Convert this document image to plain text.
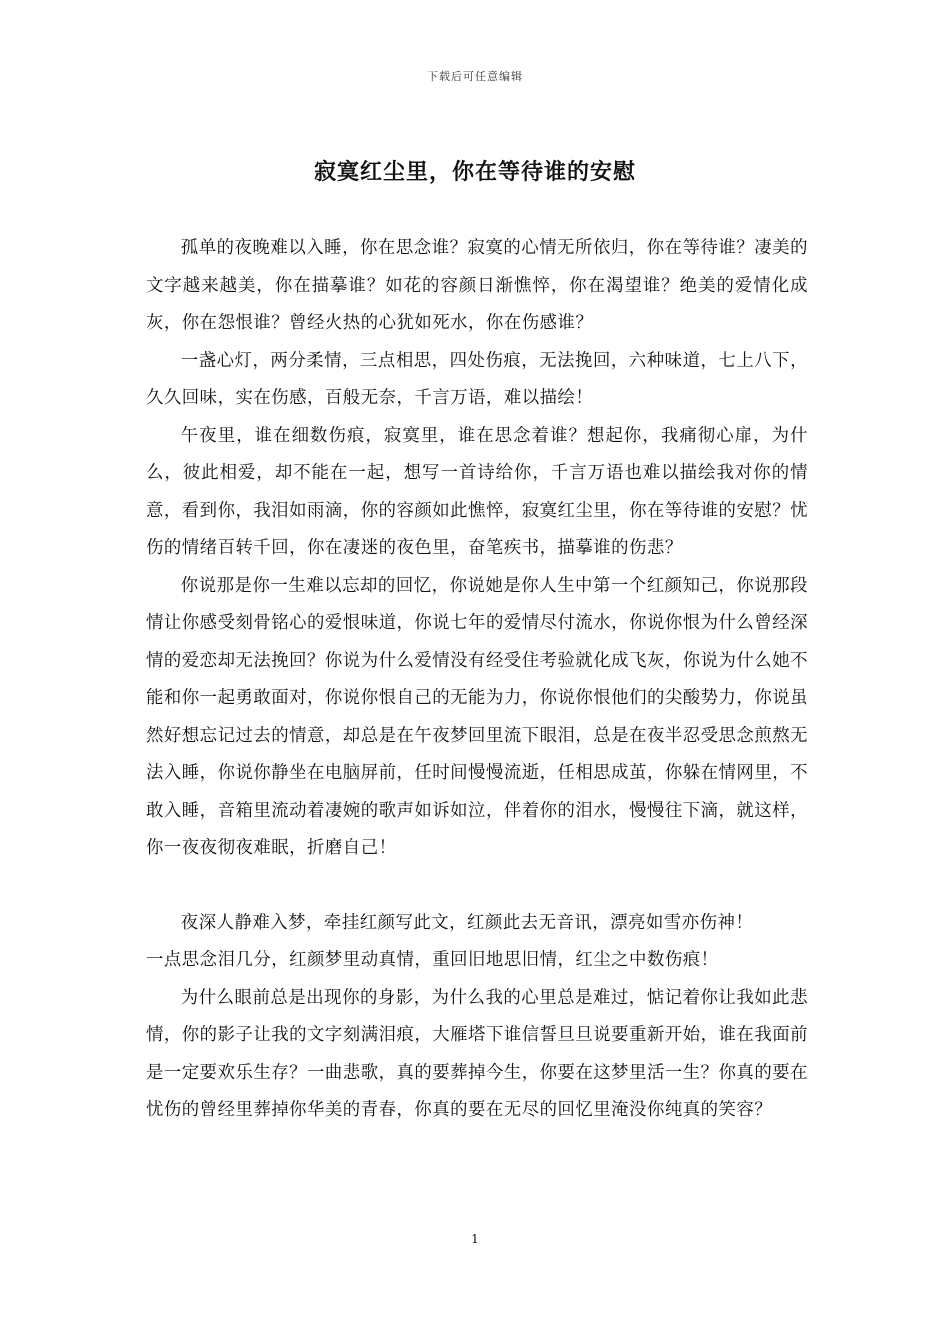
下载后可任意编辑
寂寞红尘里，你在等待谁的安慰

孤单的夜晚难以入睡，你在思念谁？寂寞的心情无所依归，你在等待谁？凄美的文字越来越美，你在描摹谁？如花的容颜日渐憔悴，你在渴望谁？绝美的爱情化成灰，你在怨恨谁？曾经火热的心犹如死水，你在伤感谁？

一盏心灯，两分柔情，三点相思，四处伤痕，无法挽回，六种味道，七上八下，久久回味，实在伤感，百般无奈，千言万语，难以描绘！

午夜里，谁在细数伤痕，寂寞里，谁在思念着谁？想起你，我痛彻心扉，为什么，彼此相爱，却不能在一起，想写一首诗给你，千言万语也难以描绘我对你的情意，看到你，我泪如雨滴，你的容颜如此憔悴，寂寞红尘里，你在等待谁的安慰？忧伤的情绪百转千回，你在凄迷的夜色里，奋笔疾书，描摹谁的伤悲？

你说那是你一生难以忘却的回忆，你说她是你人生中第一个红颜知己，你说那段情让你感受刻骨铭心的爱恨味道，你说七年的爱情尽付流水，你说你恨为什么曾经深情的爱恋却无法挽回？你说为什么爱情没有经受住考验就化成飞灰，你说为什么她不能和你一起勇敢面对，你说你恨自己的无能为力，你说你恨他们的尖酸势力，你说虽然好想忘记过去的情意，却总是在午夜梦回里流下眼泪，总是在夜半忍受思念煎熬无法入睡，你说你静坐在电脑屏前，任时间慢慢流逝，任相思成茧，你躲在情网里，不敢入睡，音箱里流动着凄婉的歌声如诉如泣，伴着你的泪水，慢慢往下滴，就这样，你一夜夜彻夜难眠，折磨自己！

夜深人静难入梦，牵挂红颜写此文，红颜此去无音讯，漂亮如雪亦伤神！

一点思念泪几分，红颜梦里动真情，重回旧地思旧情，红尘之中数伤痕！

为什么眼前总是出现你的身影，为什么我的心里总是难过，惦记着你让我如此悲情，你的影子让我的文字刻满泪痕，大雁塔下谁信誓旦旦说要重新开始，谁在我面前是一定要欢乐生存？一曲悲歌，真的要葬掉今生，你要在这梦里活一生？你真的要在忧伤的曾经里葬掉你华美的青春，你真的要在无尽的回忆里淹没你纯真的笑容？

1
